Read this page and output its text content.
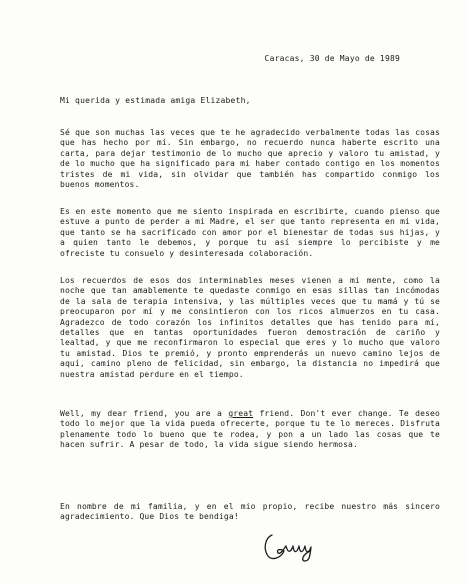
Caracas, 30 de Mayo de 1989
Mi querida y estimada amiga Elizabeth,
Sé que son muchas las veces que te he agradecido verbalmente todas las cosas que has hecho por mí. Sin embargo, no recuerdo nunca haberte escrito una carta, para dejar testimonio de lo mucho que aprecio y valoro tu amistad, y de lo mucho que ha significado para mi haber contado contigo en los momentos tristes de mi vida, sin olvidar que también has compartido conmigo los buenos momentos.
Es en este momento que me siento inspirada en escribirte, cuando pienso que estuve a punto de perder a mi Madre, el ser que tanto representa en mi vida, que tanto se ha sacrificado con amor por el bienestar de todas sus hijas, y a quien tanto le debemos, y porque tu así siempre lo percibiste y me ofreciste tu consuelo y desinteresada colaboración.
Los recuerdos de esos dos interminables meses vienen a mi mente, como la noche que tan amablemente te quedaste conmigo en esas sillas tan incómodas de la sala de terapia intensiva, y las múltiples veces que tu mamá y tú se preocuparon por mí y me consintieron con los ricos almuerzos en tu casa. Agradezco de todo corazón los infinitos detalles que has tenido para mí, detalles que en tantas oportunidades fueron demostración de cariño y lealtad, y que me reconfirmaron lo especial que eres y lo mucho que valoro tu amistad. Dios te premió, y pronto emprenderás un nuevo camino lejos de aquí, camino pleno de felicidad, sin embargo, la distancia no impedirá que nuestra amistad perdure en el tiempo.
Well, my dear friend, you are a great friend. Don't ever change. Te deseo todo lo mejor que la vida pueda ofrecerte, porque tu te lo mereces. Disfruta plenamente todo lo bueno que te rodea, y pon a un lado las cosas que te hacen sufrir. A pesar de todo, la vida sigue siendo hermosa.
En nombre de mi familia, y en el mio propio, recibe nuestro más sincero agradecimiento. Que Dios te bendiga!
